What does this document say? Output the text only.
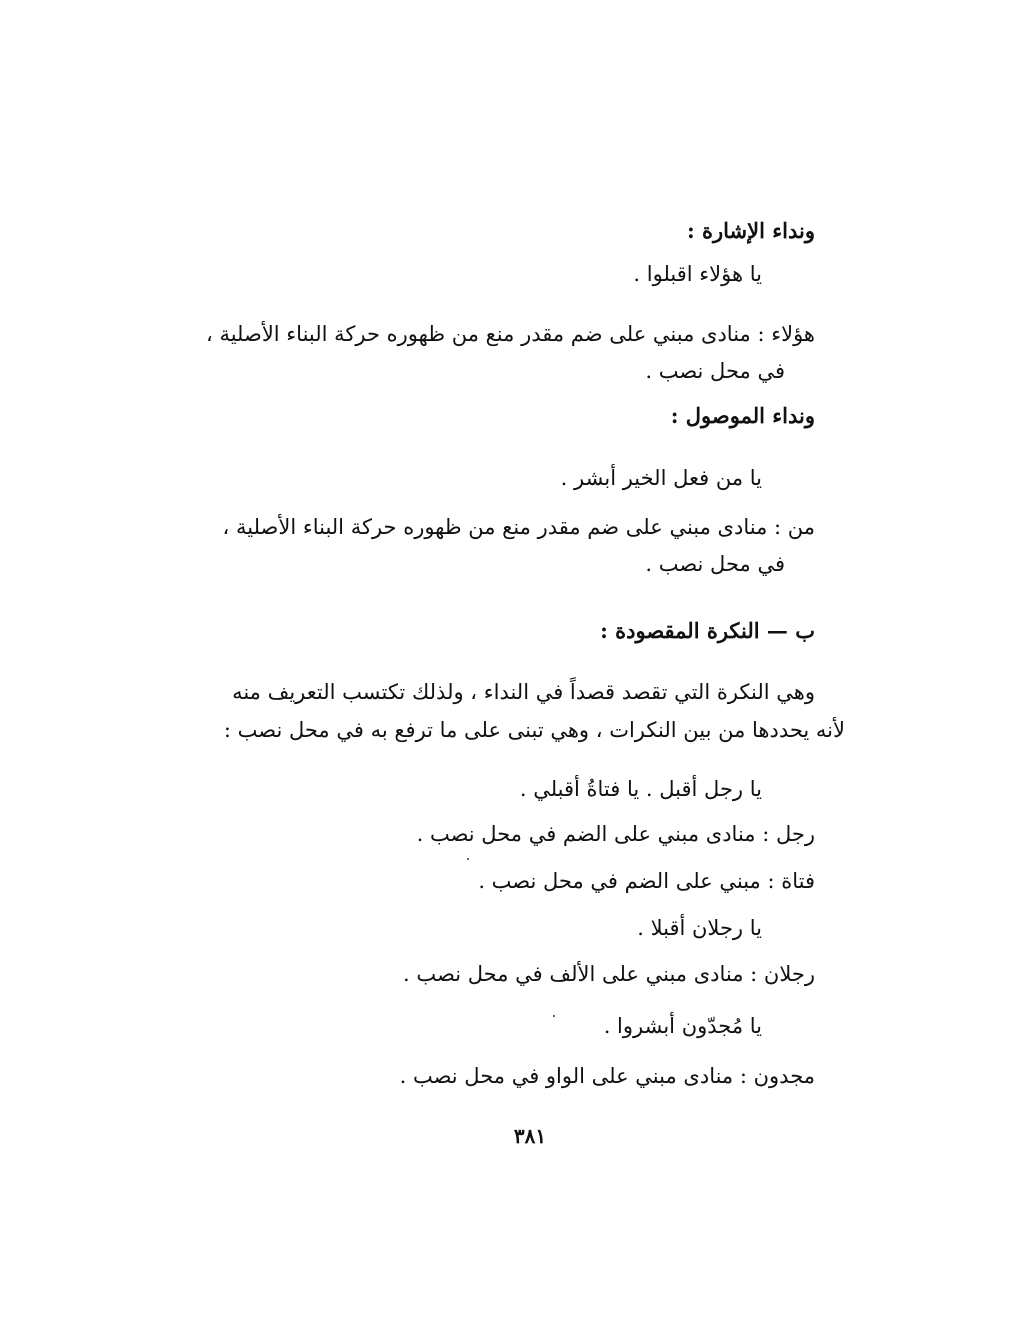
ونداء الإشارة :
يا هؤلاء اقبلوا .
هؤلاء : منادى مبني على ضم مقدر منع من ظهوره حركة البناء الأصلية ،
في محل نصب .
ونداء الموصول :
يا من فعل الخير أبشر .
من : منادى مبني على ضم مقدر منع من ظهوره حركة البناء الأصلية ،
في محل نصب .
ب — النكرة المقصودة :
وهي النكرة التي تقصد قصداً في النداء ، ولذلك تكتسب التعريف منه
لأنه يحددها من بين النكرات ، وهي تبنى على ما ترفع به في محل نصب :
يا رجل أقبل . يا فتاةُ أقبلي .
رجل : منادى مبني على الضم في محل نصب .
فتاة : مبني على الضم في محل نصب .
يا رجلان أقبلا .
رجلان : منادى مبني على الألف في محل نصب .
يا مُجدّون أبشروا .
مجدون : منادى مبني على الواو في محل نصب .
٣٨١
